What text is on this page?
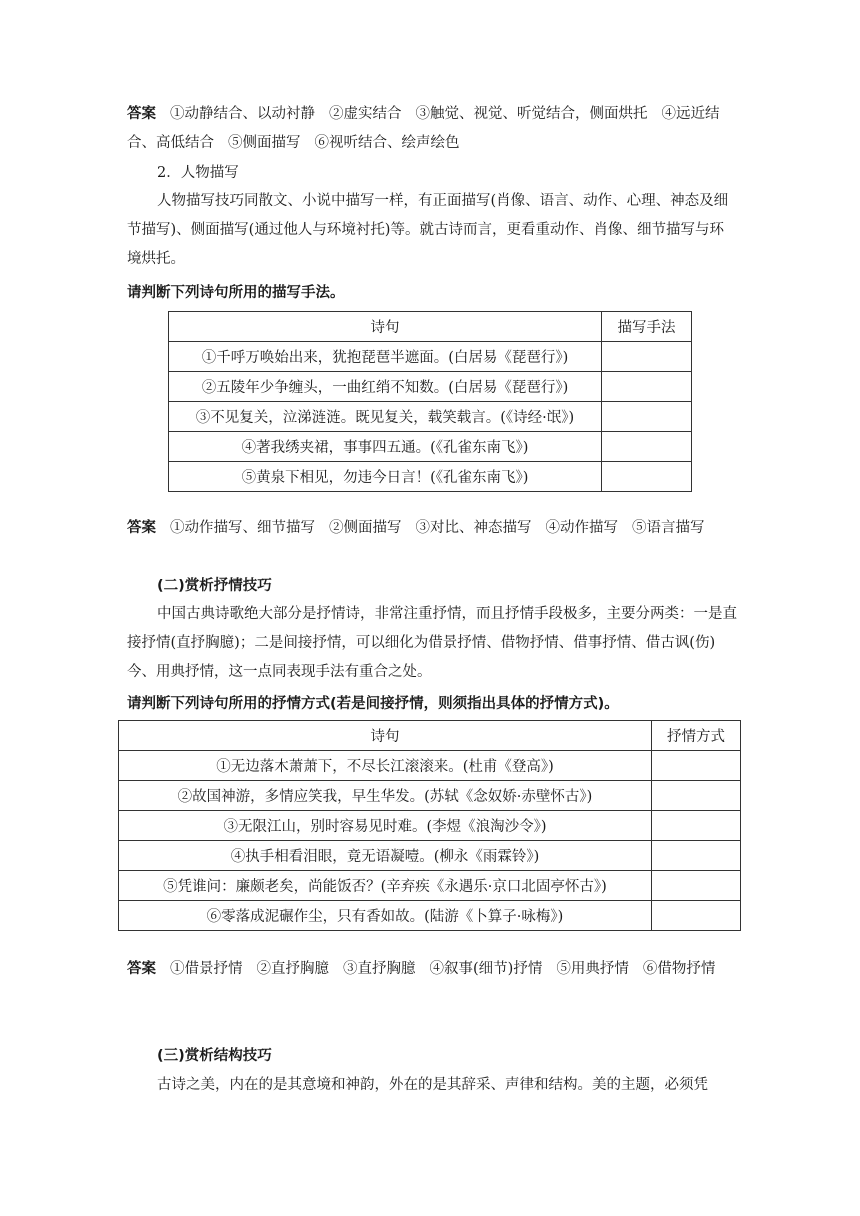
答案 ①动静结合、以动衬静 ②虚实结合 ③触觉、视觉、听觉结合，侧面烘托 ④远近结合、高低结合 ⑤侧面描写 ⑥视听结合、绘声绘色
2．人物描写
人物描写技巧同散文、小说中描写一样，有正面描写(肖像、语言、动作、心理、神态及细节描写)、侧面描写(通过他人与环境衬托)等。就古诗而言，更看重动作、肖像、细节描写与环境烘托。
请判断下列诗句所用的描写手法。
诗句	描写手法
①千呼万唤始出来，犹抱琵琶半遮面。(白居易《琵琶行》)	
②五陵年少争缠头，一曲红绡不知数。(白居易《琵琶行》)	
③不见复关，泣涕涟涟。既见复关，载笑载言。(《诗经·氓》)	
④著我绣夹裙，事事四五通。(《孔雀东南飞》)	
⑤黄泉下相见，勿违今日言！(《孔雀东南飞》)	
答案 ①动作描写、细节描写 ②侧面描写 ③对比、神态描写 ④动作描写 ⑤语言描写
(二)赏析抒情技巧
中国古典诗歌绝大部分是抒情诗，非常注重抒情，而且抒情手段极多，主要分两类：一是直接抒情(直抒胸臆)；二是间接抒情，可以细化为借景抒情、借物抒情、借事抒情、借古讽(伤)今、用典抒情，这一点同表现手法有重合之处。
请判断下列诗句所用的抒情方式(若是间接抒情，则须指出具体的抒情方式)。
诗句	抒情方式
①无边落木萧萧下，不尽长江滚滚来。(杜甫《登高》)	
②故国神游，多情应笑我，早生华发。(苏轼《念奴娇·赤壁怀古》)	
③无限江山，别时容易见时难。(李煜《浪淘沙令》)	
④执手相看泪眼，竟无语凝噎。(柳永《雨霖铃》)	
⑤凭谁问：廉颇老矣，尚能饭否？(辛弃疾《永遇乐·京口北固亭怀古》)	
⑥零落成泥碾作尘，只有香如故。(陆游《卜算子·咏梅》)	
答案 ①借景抒情 ②直抒胸臆 ③直抒胸臆 ④叙事(细节)抒情 ⑤用典抒情 ⑥借物抒情
(三)赏析结构技巧
古诗之美，内在的是其意境和神韵，外在的是其辞采、声律和结构。美的主题，必须凭
